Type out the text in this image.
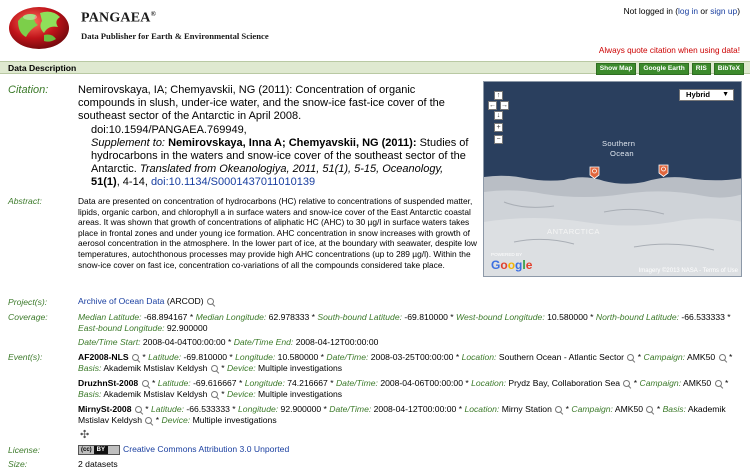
PANGAEA®
Data Publisher for Earth & Environmental Science
Not logged in (log in or sign up)
Always quote citation when using data!
Data Description	Show Map	Google Earth	RIS	BibTeX
Citation:	Nemirovskaya, IA; Chemyavskii, NG (2011): Concentration of organic compounds in slush, under-ice water, and the snow-ice fast-ice cover of the southeast sector of the Antarctic in April 2008.
doi:10.1594/PANGAEA.769949,
Supplement to: Nemirovskaya, Inna A; Chemyavskii, NG (2011): Studies of hydrocarbons in the waters and snow-ice cover of the southeast sector of the Antarctic. Translated from Okeanologiya, 2011, 51(1), 5-15, Oceanology, 51(1), 4-14, doi:10.1134/S0001437011010139
↑
← →
↓
+
−
Hybrid ▼
Southern
Ocean
ANTARCTICA
POWERED BY
Google	Imagery ©2013 NASA - Terms of Use
Abstract:	Data are presented on concentration of hydrocarbons (HC) relative to concentrations of suspended matter, lipids, organic carbon, and chlorophyll a in surface waters and snow-ice cover of the East Antarctic coastal areas. It was shown that growth of concentrations of aliphatic HC (AHC) to 30 µg/l in surface waters takes place in frontal zones and under young ice formation. AHC concentration in snow increases with growth of aerosol concentration in the atmosphere. In the lower part of ice, at the boundary with seawater, despite low temperatures, autochthonous processes may provide high AHC concentrations (up to 289 µg/l). Within the snow-ice cover on fast ice, concentration co-variations of all the compounds considered take place.
Project(s):	Archive of Ocean Data (ARCOD)
Coverage:	Median Latitude: -68.894167 * Median Longitude: 62.978333 * South-bound Latitude: -69.810000 * West-bound Longitude: 10.580000 * North-bound Latitude: -66.533333 * East-bound Longitude: 92.900000
Date/Time Start: 2008-04-04T00:00:00 * Date/Time End: 2008-04-12T00:00:00
Event(s):	AF2008-NLS  * Latitude: -69.810000 * Longitude: 10.580000 * Date/Time: 2008-03-25T00:00:00 * Location: Southern Ocean - Atlantic Sector  * Campaign: AMK50  * Basis: Akademik Mstislav Keldysh  * Device: Multiple investigations
DruzhnSt-2008  * Latitude: -69.616667 * Longitude: 74.216667 * Date/Time: 2008-04-06T00:00:00 * Location: Prydz Bay, Collaboration Sea  * Campaign: AMK50  * Basis: Akademik Mstislav Keldysh  * Device: Multiple investigations
MirnySt-2008  * Latitude: -66.533333 * Longitude: 92.900000 * Date/Time: 2008-04-12T00:00:00 * Location: Mirny Station  * Campaign: AMK50  * Basis: Akademik Mstislav Keldysh  * Device: Multiple investigations
✣
License:	(cc) BY Creative Commons Attribution 3.0 Unported
Size:	2 datasets
